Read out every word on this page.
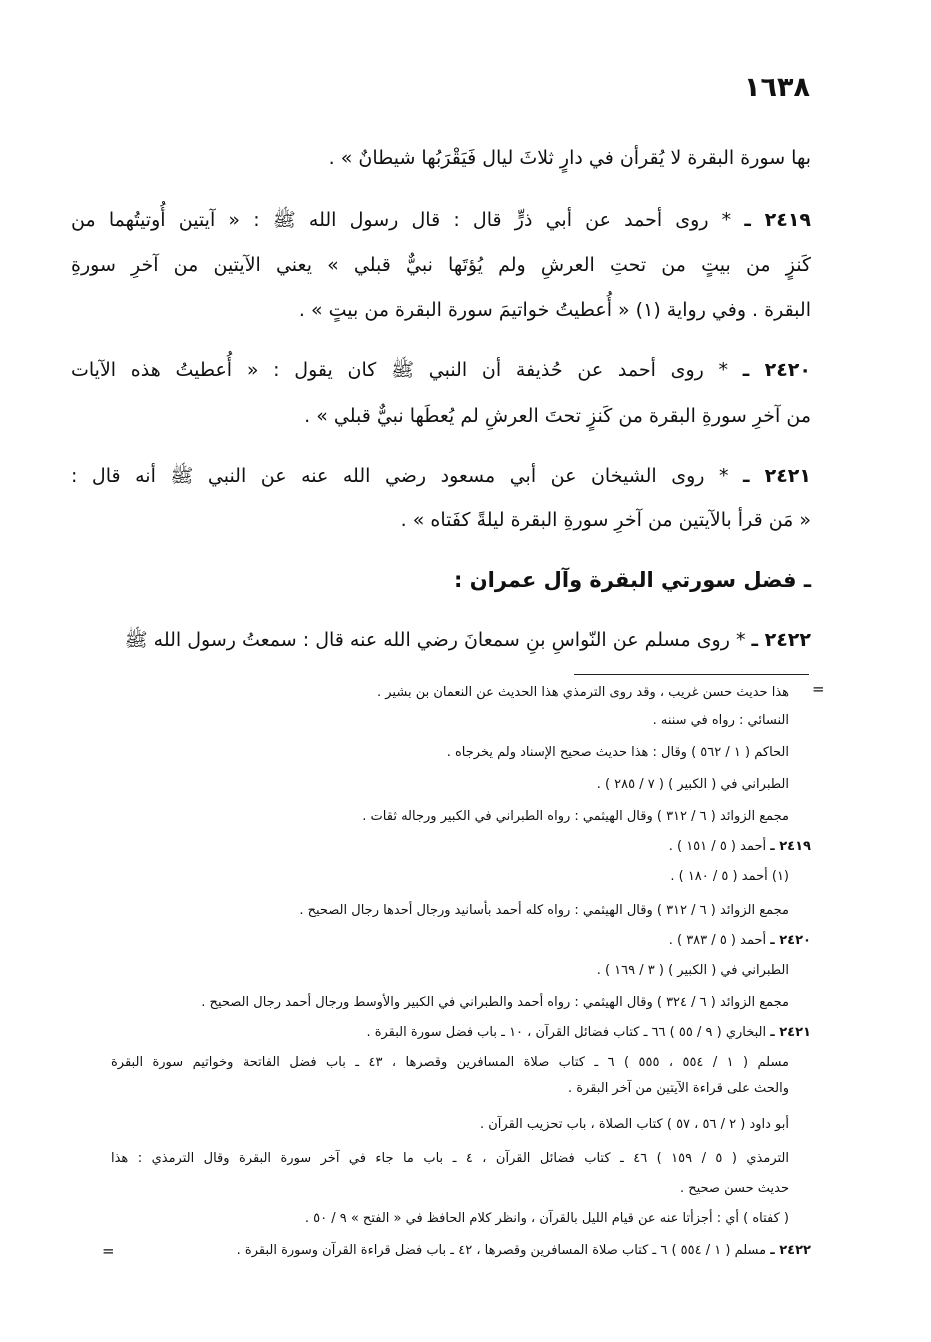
١٦٣٨
بها سورة البقرة لا يُقرأن في دارٍ ثلاثَ ليال فَيَقْرَبُها شيطانٌ » .
٢٤١٩ ـ * روى أحمد عن أبي ذرٍّ قال : قال رسول الله ﷺ : « آيتين أُوتيتُهما من
كَنزٍ من بيتٍ من تحتِ العرشِ ولم يُؤتَها نبيٌّ قبلي » يعني الآيتين من آخرِ سورةِ
البقرة . وفي رواية (١) « أُعطيتُ خواتيمَ سورة البقرة من بيتٍ » .
٢٤٢٠ ـ * روى أحمد عن حُذيفة أن النبي ﷺ كان يقول : « أُعطيتُ هذه الآيات
من آخرِ سورةِ البقرة من كَنزٍ تحتَ العرشِ لم يُعطَها نبيٌّ قبلي » .
٢٤٢١ ـ * روى الشيخان عن أبي مسعود رضي الله عنه عن النبي ﷺ أنه قال :
« مَن قرأ بالآيتين من آخرِ سورةِ البقرة ليلةً كفَتاه » .
ـ فضل سورتي البقرة وآل عمران :
٢٤٢٢ ـ * روى مسلم عن النّواسِ بنِ سمعانَ رضي الله عنه قال : سمعتُ رسول الله ﷺ
=
هذا حديث حسن غريب ، وقد روى الترمذي هذا الحديث عن النعمان بن بشير .
النسائي : رواه في سننه .
الحاكم ( ١ / ٥٦٢ ) وقال : هذا حديث صحيح الإسناد ولم يخرجاه .
الطبراني في ( الكبير ) ( ٧ / ٢٨٥ ) .
مجمع الزوائد ( ٦ / ٣١٢ ) وقال الهيثمي : رواه الطبراني في الكبير ورجاله ثقات .
٢٤١٩ ـ أحمد ( ٥ / ١٥١ ) .
(١) أحمد ( ٥ / ١٨٠ ) .
مجمع الزوائد ( ٦ / ٣١٢ ) وقال الهيثمي : رواه كله أحمد بأسانيد ورجال أحدها رجال الصحيح .
٢٤٢٠ ـ أحمد ( ٥ / ٣٨٣ ) .
الطبراني في ( الكبير ) ( ٣ / ١٦٩ ) .
مجمع الزوائد ( ٦ / ٣٢٤ ) وقال الهيثمي : رواه أحمد والطبراني في الكبير والأوسط ورجال أحمد رجال الصحيح .
٢٤٢١ ـ البخاري ( ٩ / ٥٥ ) ٦٦ ـ كتاب فضائل القرآن ، ١٠ ـ باب فضل سورة البقرة .
مسلم ( ١ / ٥٥٤ ، ٥٥٥ ) ٦ ـ كتاب صلاة المسافرين وقصرها ، ٤٣ ـ باب فضل الفاتحة وخواتيم سورة البقرة
والحث على قراءة الآيتين من آخر البقرة .
أبو داود ( ٢ / ٥٦ ، ٥٧ ) كتاب الصلاة ، باب تحزيب القرآن .
الترمذي ( ٥ / ١٥٩ ) ٤٦ ـ كتاب فضائل القرآن ، ٤ ـ باب ما جاء في آخر سورة البقرة وقال الترمذي : هذا
حديث حسن صحيح .
( كفتاه ) أي : أجزأتا عنه عن قيام الليل بالقرآن ، وانظر كلام الحافظ في « الفتح » ٩ / ٥٠ .
٢٤٢٢ ـ مسلم ( ١ / ٥٥٤ ) ٦ ـ كتاب صلاة المسافرين وقصرها ، ٤٢ ـ باب فضل قراءة القرآن وسورة البقرة .
=
